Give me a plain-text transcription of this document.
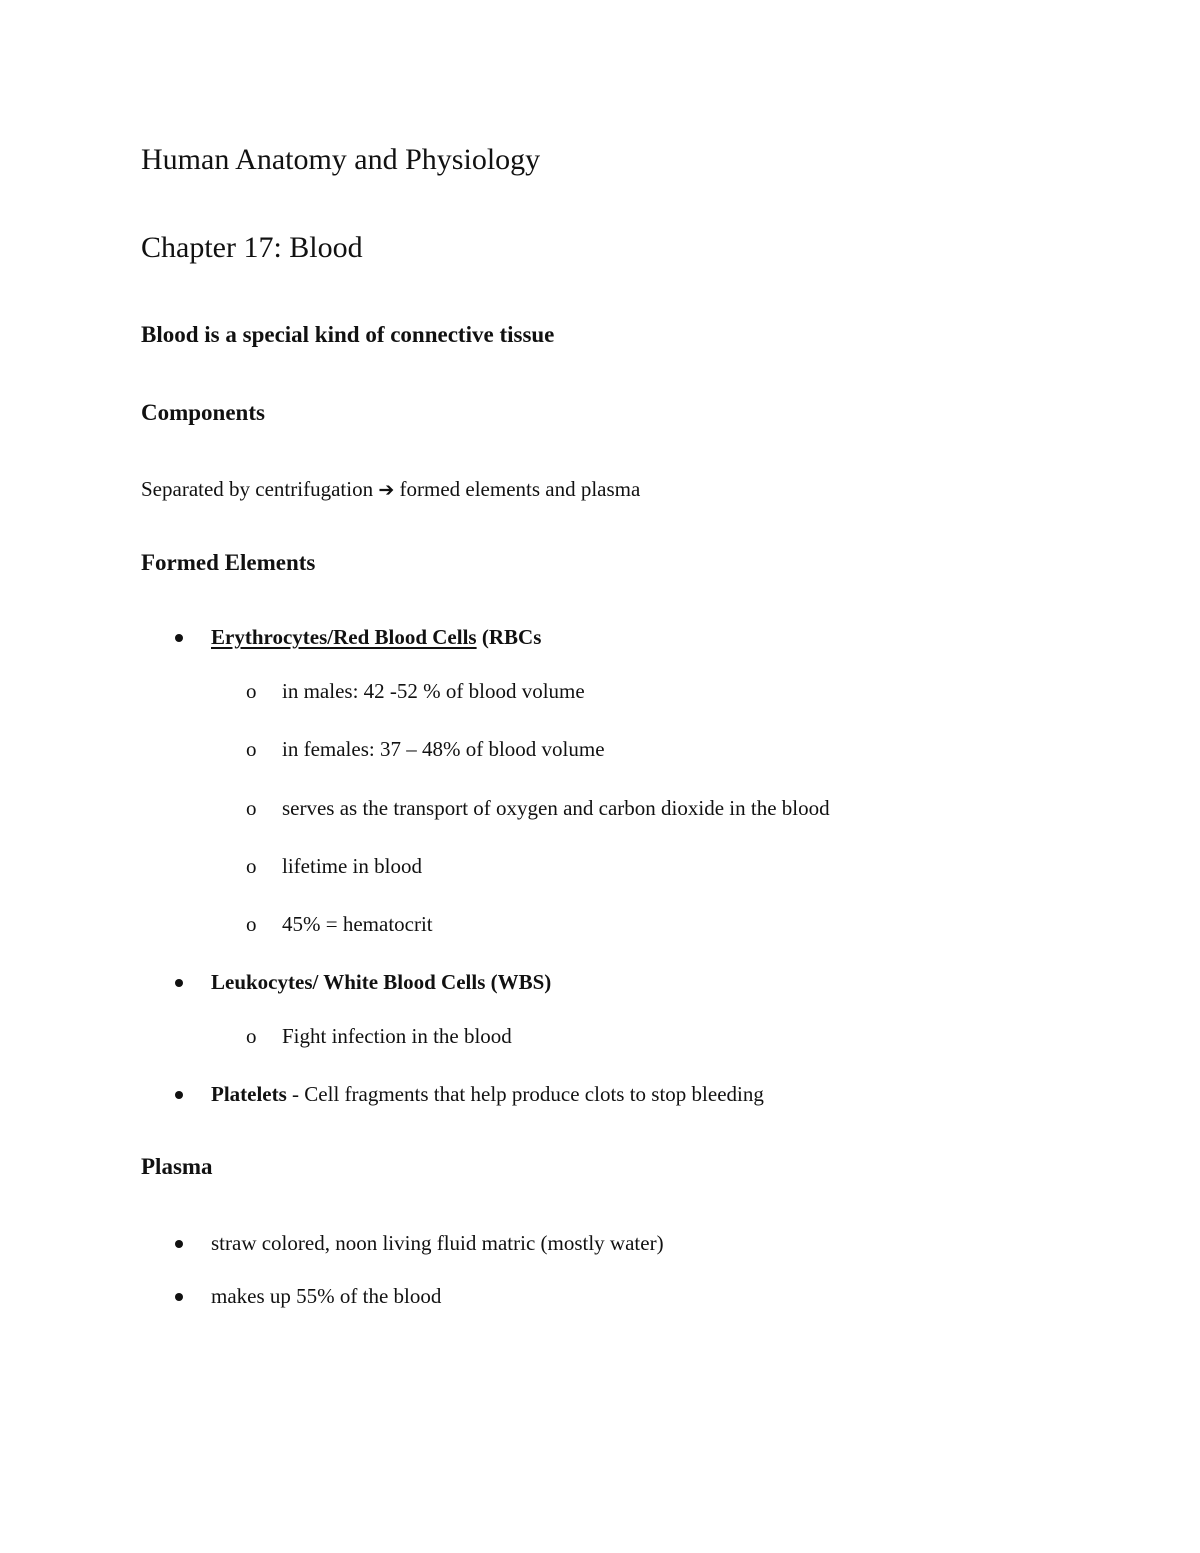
Human Anatomy and Physiology
Chapter 17: Blood
Blood is a special kind of connective tissue
Components
Separated by centrifugation ➔ formed elements and plasma
Formed Elements
Erythrocytes/Red Blood Cells (RBCs
o in males: 42 -52 % of blood volume
o in females: 37 – 48% of blood volume
o serves as the transport of oxygen and carbon dioxide in the blood
o lifetime in blood
o 45% = hematocrit
Leukocytes/ White Blood Cells (WBS)
o Fight infection in the blood
Platelets - Cell fragments that help produce clots to stop bleeding
Plasma
straw colored, noon living fluid matric (mostly water)
makes up 55% of the blood
